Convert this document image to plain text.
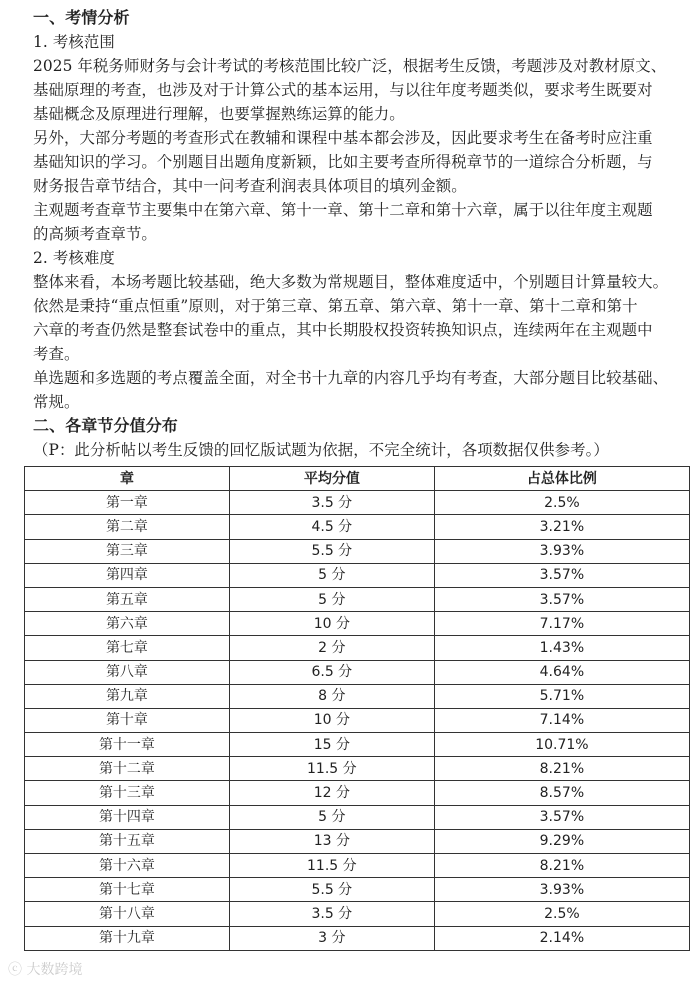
一、考情分析
1. 考核范围
2025 年税务师财务与会计考试的考核范围比较广泛，根据考生反馈，考题涉及对教材原文、
基础原理的考查，也涉及对于计算公式的基本运用，与以往年度考题类似，要求考生既要对
基础概念及原理进行理解，也要掌握熟练运算的能力。
另外，大部分考题的考查形式在教辅和课程中基本都会涉及，因此要求考生在备考时应注重
基础知识的学习。个别题目出题角度新颖，比如主要考查所得税章节的一道综合分析题，与
财务报告章节结合，其中一问考查利润表具体项目的填列金额。
主观题考查章节主要集中在第六章、第十一章、第十二章和第十六章，属于以往年度主观题
的高频考查章节。
2. 考核难度
整体来看，本场考题比较基础，绝大多数为常规题目，整体难度适中，个别题目计算量较大。
依然是秉持“重点恒重”原则，对于第三章、第五章、第六章、第十一章、第十二章和第十
六章的考查仍然是整套试卷中的重点，其中长期股权投资转换知识点，连续两年在主观题中
考查。
单选题和多选题的考点覆盖全面，对全书十九章的内容几乎均有考查，大部分题目比较基础、
常规。
二、各章节分值分布
（P：此分析帖以考生反馈的回忆版试题为依据，不完全统计，各项数据仅供参考。）
章	平均分值	占总体比例
第一章	3.5 分	2.5%
第二章	4.5 分	3.21%
第三章	5.5 分	3.93%
第四章	5 分	3.57%
第五章	5 分	3.57%
第六章	10 分	7.17%
第七章	2 分	1.43%
第八章	6.5 分	4.64%
第九章	8 分	5.71%
第十章	10 分	7.14%
第十一章	15 分	10.71%
第十二章	11.5 分	8.21%
第十三章	12 分	8.57%
第十四章	5 分	3.57%
第十五章	13 分	9.29%
第十六章	11.5 分	8.21%
第十七章	5.5 分	3.93%
第十八章	3.5 分	2.5%
第十九章	3 分	2.14%
ⓒ 大数跨境
